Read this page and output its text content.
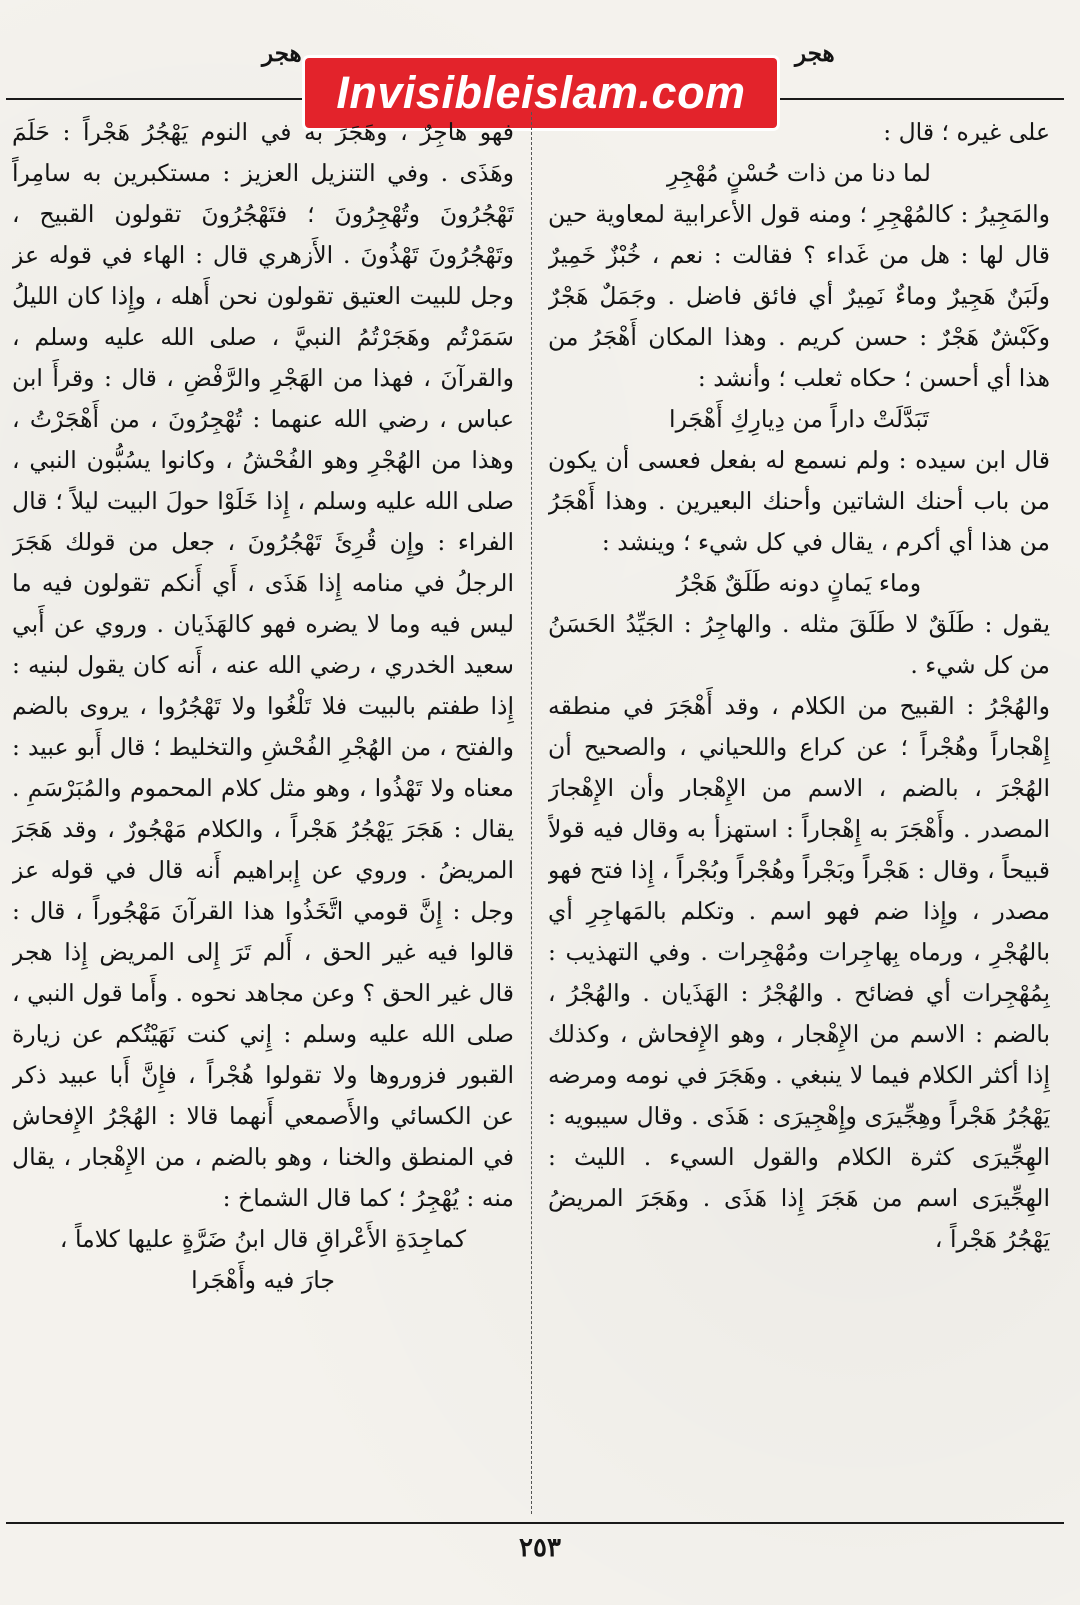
هجر	هجر
Invisibleislam.com

على غيره ؛ قال :

لما دنا من ذات حُسْنٍ مُهْجِرِ

والمَجِيرُ : كالمُهْجِرِ ؛ ومنه قول الأعرابية لمعاوية حين قال لها : هل من غَداء ؟ فقالت : نعم ، خُبْزٌ خَمِيرٌ ولَبَنٌ هَجِيرٌ وماءٌ نَمِيرٌ أي فائق فاضل . وجَمَلٌ هَجْرٌ وكَبْشٌ هَجْرٌ : حسن كريم . وهذا المكان أَهْجَرُ من هذا أي أحسن ؛ حكاه ثعلب ؛ وأنشد :

تَبَدَّلَتْ داراً من دِيارِكِ أَهْجَرا

قال ابن سيده : ولم نسمع له بفعل فعسى أن يكون من باب أحنك الشاتين وأحنك البعيرين . وهذا أَهْجَرُ من هذا أي أكرم ، يقال في كل شيء ؛ وينشد :

وماء يَمانٍ دونه طَلَقٌ هَجْرُ

يقول : طَلَقٌ لا طَلَقَ مثله . والهاجِرُ : الجَيِّدُ الحَسَنُ من كل شيء .

والهُجْرُ : القبيح من الكلام ، وقد أَهْجَرَ في منطقه إِهْجاراً وهُجْراً ؛ عن كراع واللحياني ، والصحيح أن الهُجْرَ ، بالضم ، الاسم من الإِهْجار وأن الإِهْجارَ المصدر . وأَهْجَرَ به إِهْجاراً : استهزأ به وقال فيه قولاً قبيحاً ، وقال : هَجْراً وبَجْراً وهُجْراً وبُجْراً ، إِذا فتح فهو مصدر ، وإِذا ضم فهو اسم . وتكلم بالمَهاجِرِ أي بالهُجْرِ ، ورماه بِهاجِرات ومُهْجِرات . وفي التهذيب : بِمُهْجِرات أي فضائح . والهُجْرُ : الهَذَيان . والهُجْرُ ، بالضم : الاسم من الإِهْجار ، وهو الإِفحاش ، وكذلك إِذا أكثر الكلام فيما لا ينبغي . وهَجَرَ في نومه ومرضه يَهْجُرُ هَجْراً وهِجِّيرَى وإِهْجِيرَى : هَذَى . وقال سيبويه : الهِجِّيرَى كثرة الكلام والقول السيء . الليث : الهِجِّيرَى اسم من هَجَرَ إِذا هَذَى . وهَجَرَ المريضُ يَهْجُرُ هَجْراً ،

فهو هاجِرٌ ، وهَجَرَ به في النوم يَهْجُرُ هَجْراً : حَلَمَ وهَذَى . وفي التنزيل العزيز : مستكبرين به سامِراً تَهْجُرُونَ وتُهْجِرُونَ ؛ فتَهْجُرُونَ تقولون القبيح ، وتَهْجُرُونَ تَهْذُونَ . الأَزهري قال : الهاء في قوله عز وجل للبيت العتيق تقولون نحن أَهله ، وإِذا كان الليلُ سَمَرْتُم وهَجَرْتُمُ النبيَّ ، صلى الله عليه وسلم ، والقرآنَ ، فهذا من الهَجْرِ والرَّفْضِ ، قال : وقرأَ ابن عباس ، رضي الله عنهما : تُهْجِرُونَ ، من أَهْجَرْتُ ، وهذا من الهُجْرِ وهو الفُحْشُ ، وكانوا يسُبُّون النبي ، صلى الله عليه وسلم ، إِذا خَلَوْا حولَ البيت ليلاً ؛ قال الفراء : وإِن قُرِئَ تَهْجُرُونَ ، جعل من قولك هَجَرَ الرجلُ في منامه إِذا هَذَى ، أَي أَنكم تقولون فيه ما ليس فيه وما لا يضره فهو كالهَذَيان . وروي عن أَبي سعيد الخدري ، رضي الله عنه ، أَنه كان يقول لبنيه : إِذا طفتم بالبيت فلا تَلْغُوا ولا تَهْجُرُوا ، يروى بالضم والفتح ، من الهُجْرِ الفُحْشِ والتخليط ؛ قال أَبو عبيد : معناه ولا تَهْذُوا ، وهو مثل كلام المحموم والمُبَرْسَمِ . يقال : هَجَرَ يَهْجُرُ هَجْراً ، والكلام مَهْجُورٌ ، وقد هَجَرَ المريضُ . وروي عن إِبراهيم أَنه قال في قوله عز وجل : إِنَّ قومي اتَّخَذُوا هذا القرآنَ مَهْجُوراً ، قال : قالوا فيه غير الحق ، أَلم تَرَ إِلى المريض إِذا هجر قال غير الحق ؟ وعن مجاهد نحوه . وأَما قول النبي ، صلى الله عليه وسلم : إِني كنت نَهَيْتُكم عن زيارة القبور فزوروها ولا تقولوا هُجْراً ، فإِنَّ أَبا عبيد ذكر عن الكسائي والأَصمعي أَنهما قالا : الهُجْرُ الإِفحاش في المنطق والخنا ، وهو بالضم ، من الإِهْجار ، يقال منه : يُهْجِرُ ؛ كما قال الشماخ :

كماجِدَةِ الأَعْراقِ قال ابنُ ضَرَّةٍ عليها كلاماً ، جارَ فيه وأَهْجَرا

٢٥٣
